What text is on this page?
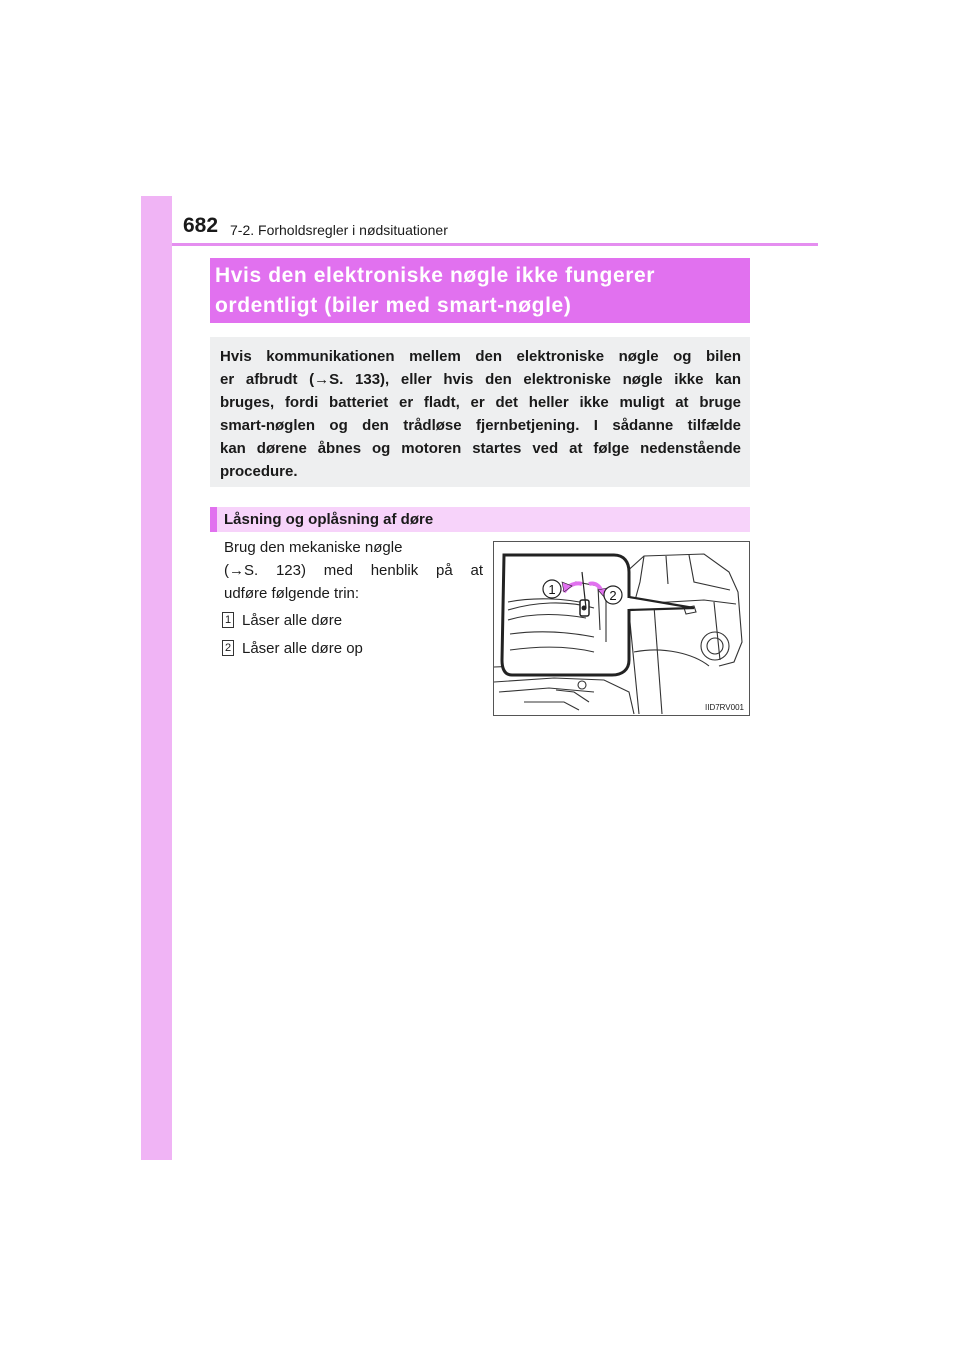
682 7-2. Forholdsregler i nødsituationer
Hvis den elektroniske nøgle ikke fungerer
ordentligt (biler med smart-nøgle)
Hvis kommunikationen mellem den elektroniske nøgle og bilen
er afbrudt (→S. 133), eller hvis den elektroniske nøgle ikke kan
bruges, fordi batteriet er fladt, er det heller ikke muligt at bruge
smart-nøglen og den trådløse fjernbetjening. I sådanne tilfælde
kan dørene åbnes og motoren startes ved at følge nedenstående
procedure.
Låsning og oplåsning af døre
Brug den mekaniske nøgle
(→S. 123) med henblik på at
udføre følgende trin:
1 Låser alle døre
2 Låser alle døre op
1	2
IID7RV001
